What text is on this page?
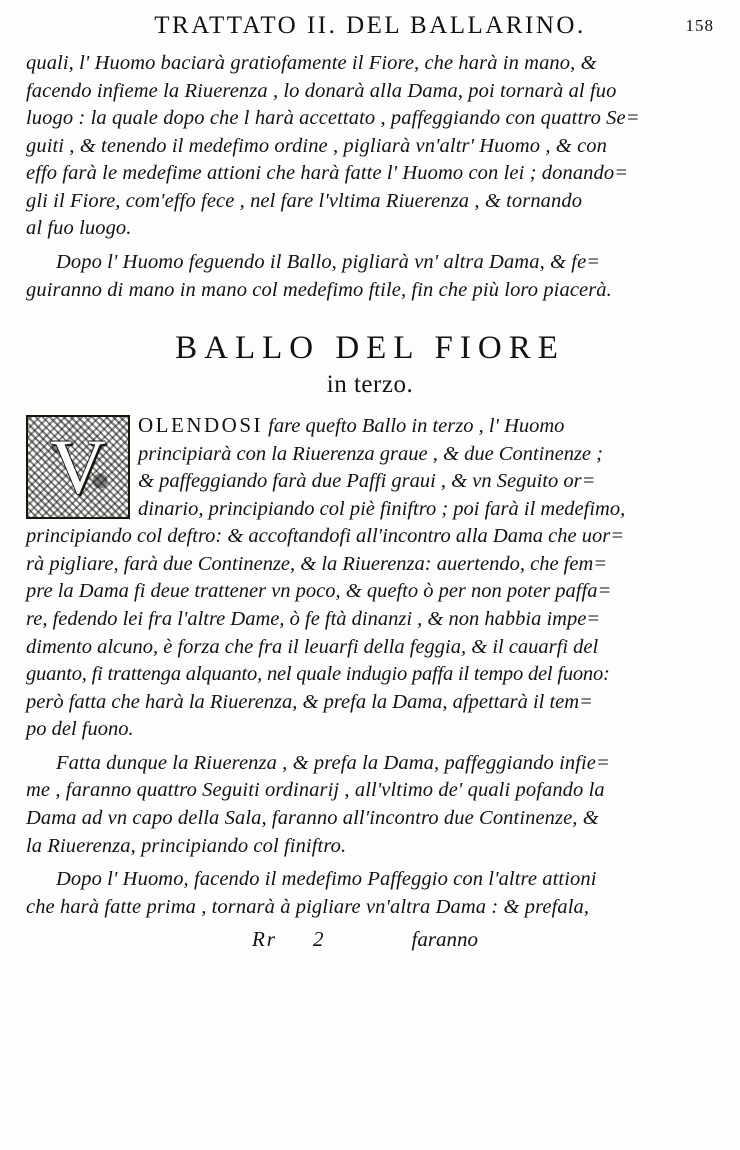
TRATTATO II. DEL BALLARINO.	158
quali, l' Huomo baciarà gratiofamente il Fiore, che harà in mano, &
facendo infieme la Riuerenza , lo donarà alla Dama, poi tornarà al fuo
luogo : la quale dopo che l harà accettato , paffeggiando con quattro Se=
guiti , & tenendo il medefimo ordine , pigliarà vn'altr' Huomo , & con
effo farà le medefime attioni che harà fatte l' Huomo con lei ; donando=
gli il Fiore, com'effo fece , nel fare l'vltima Riuerenza , & tornando
al fuo luogo.
Dopo l' Huomo feguendo il Ballo, pigliarà vn' altra Dama, & fe=
guiranno di mano in mano col medefimo ftile, fin che più loro piacerà.
BALLO DEL FIORE
in terzo.
V	OLENDOSI fare quefto Ballo in terzo , l' Huomo
principiarà con la Riuerenza graue , & due Continenze ;
& paffeggiando farà due Paffi graui , & vn Seguito or=
dinario, principiando col piè finiftro ; poi farà il medefimo,
principiando col deftro: & accoftandofi all'incontro alla Dama che uor=
rà pigliare, farà due Continenze, & la Riuerenza: auertendo, che fem=
pre la Dama fi deue trattener vn poco, & quefto ò per non poter paffa=
re, fedendo lei fra l'altre Dame, ò fe ftà dinanzi , & non habbia impe=
dimento alcuno, è forza che fra il leuarfi della feggia, & il cauarfi del
guanto, fi trattenga alquanto, nel quale indugio paffa il tempo del fuono:
però fatta che harà la Riuerenza, & prefa la Dama, afpettarà il tem=
po del fuono.
Fatta dunque la Riuerenza , & prefa la Dama, paffeggiando infie=
me , faranno quattro Seguiti ordinarij , all'vltimo de' quali pofando la
Dama ad vn capo della Sala, faranno all'incontro due Continenze, &
la Riuerenza, principiando col finiftro.
Dopo l' Huomo, facendo il medefimo Paffeggio con l'altre attioni
che harà fatte prima , tornarà à pigliare vn'altra Dama : & prefala,
Rr 2	faranno
